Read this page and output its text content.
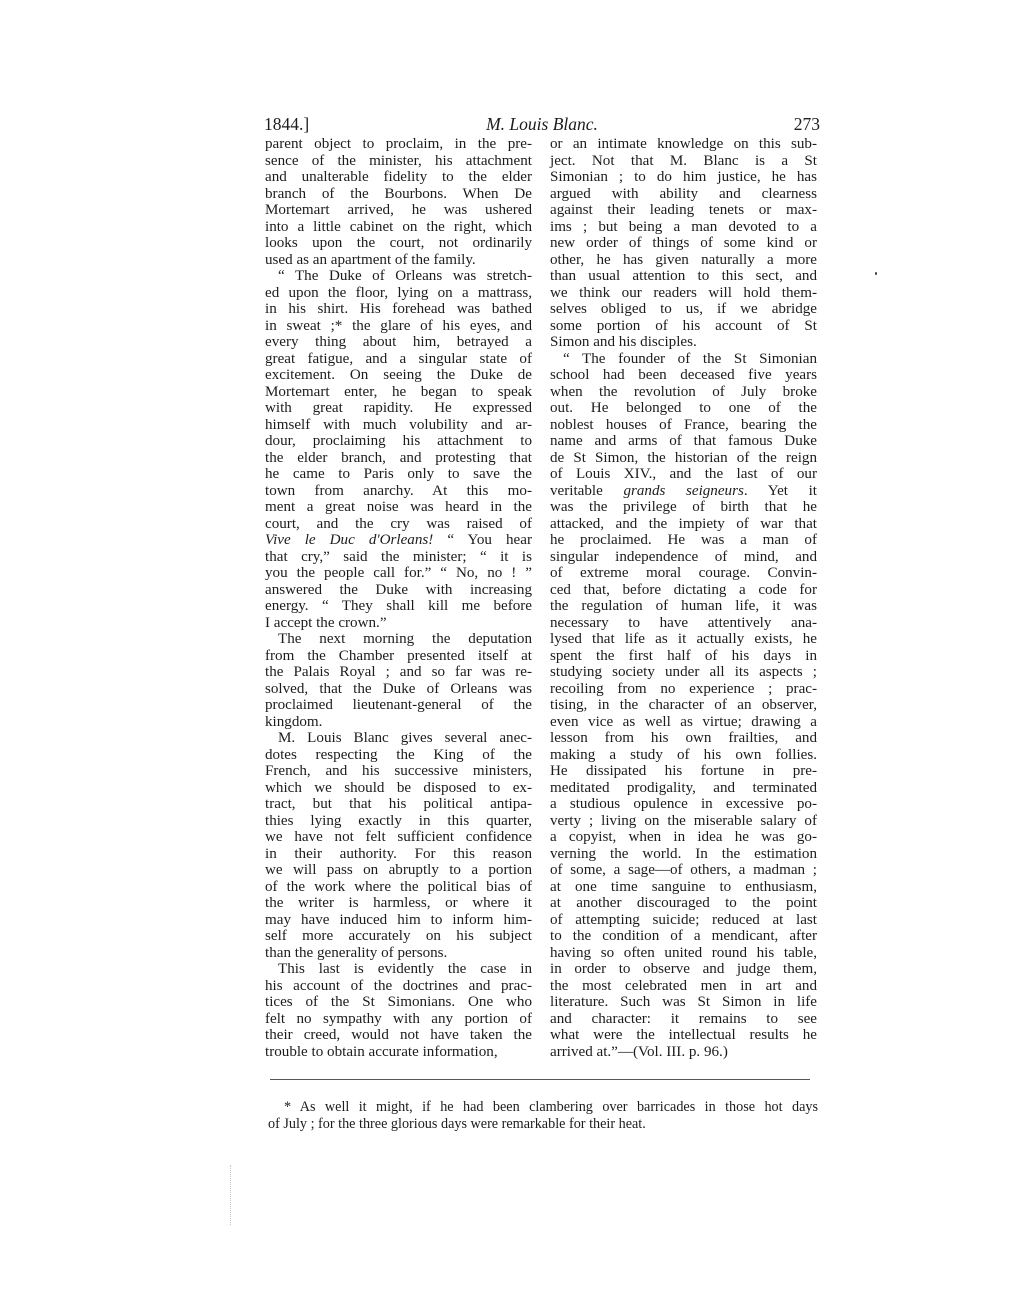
1844.]	M. Louis Blanc.	273
parent object to proclaim, in the pre-
sence of the minister, his attachment
and unalterable fidelity to the elder
branch of the Bourbons. When De
Mortemart arrived, he was ushered
into a little cabinet on the right, which
looks upon the court, not ordinarily
used as an apartment of the family.
“ The Duke of Orleans was stretch-
ed upon the floor, lying on a mattrass,
in his shirt. His forehead was bathed
in sweat ;* the glare of his eyes, and
every thing about him, betrayed a
great fatigue, and a singular state of
excitement. On seeing the Duke de
Mortemart enter, he began to speak
with great rapidity. He expressed
himself with much volubility and ar-
dour, proclaiming his attachment to
the elder branch, and protesting that
he came to Paris only to save the
town from anarchy. At this mo-
ment a great noise was heard in the
court, and the cry was raised of
Vive le Duc d'Orleans! “ You hear
that cry,” said the minister; “ it is
you the people call for.” “ No, no ! ”
answered the Duke with increasing
energy. “ They shall kill me before
I accept the crown.”
The next morning the deputation
from the Chamber presented itself at
the Palais Royal ; and so far was re-
solved, that the Duke of Orleans was
proclaimed lieutenant-general of the
kingdom.
M. Louis Blanc gives several anec-
dotes respecting the King of the
French, and his successive ministers,
which we should be disposed to ex-
tract, but that his political antipa-
thies lying exactly in this quarter,
we have not felt sufficient confidence
in their authority. For this reason
we will pass on abruptly to a portion
of the work where the political bias of
the writer is harmless, or where it
may have induced him to inform him-
self more accurately on his subject
than the generality of persons.
This last is evidently the case in
his account of the doctrines and prac-
tices of the St Simonians. One who
felt no sympathy with any portion of
their creed, would not have taken the
trouble to obtain accurate information,
or an intimate knowledge on this sub-
ject. Not that M. Blanc is a St
Simonian ; to do him justice, he has
argued with ability and clearness
against their leading tenets or max-
ims ; but being a man devoted to a
new order of things of some kind or
other, he has given naturally a more
than usual attention to this sect, and
we think our readers will hold them-
selves obliged to us, if we abridge
some portion of his account of St
Simon and his disciples.
“ The founder of the St Simonian
school had been deceased five years
when the revolution of July broke
out. He belonged to one of the
noblest houses of France, bearing the
name and arms of that famous Duke
de St Simon, the historian of the reign
of Louis XIV., and the last of our
veritable grands seigneurs. Yet it
was the privilege of birth that he
attacked, and the impiety of war that
he proclaimed. He was a man of
singular independence of mind, and
of extreme moral courage. Convin-
ced that, before dictating a code for
the regulation of human life, it was
necessary to have attentively ana-
lysed that life as it actually exists, he
spent the first half of his days in
studying society under all its aspects ;
recoiling from no experience ; prac-
tising, in the character of an observer,
even vice as well as virtue; drawing a
lesson from his own frailties, and
making a study of his own follies.
He dissipated his fortune in pre-
meditated prodigality, and terminated
a studious opulence in excessive po-
verty ; living on the miserable salary of
a copyist, when in idea he was go-
verning the world. In the estimation
of some, a sage—of others, a madman ;
at one time sanguine to enthusiasm,
at another discouraged to the point
of attempting suicide; reduced at last
to the condition of a mendicant, after
having so often united round his table,
in order to observe and judge them,
the most celebrated men in art and
literature. Such was St Simon in life
and character: it remains to see
what were the intellectual results he
arrived at.”—(Vol. III. p. 96.)
* As well it might, if he had been clambering over barricades in those hot days
of July ; for the three glorious days were remarkable for their heat.
